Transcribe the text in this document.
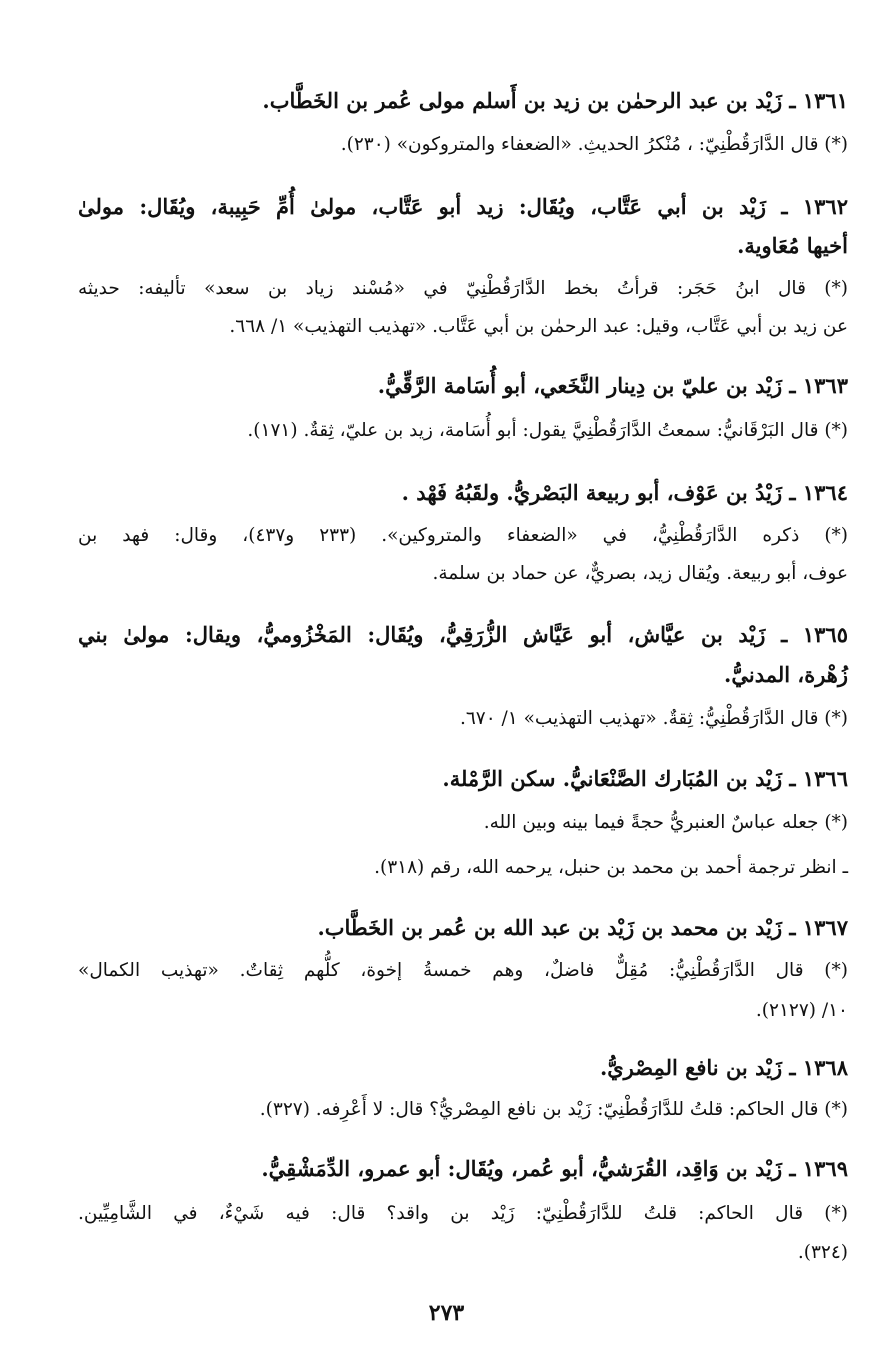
١٣٦١ ـ زَيْد بن عبد الرحمٰن بن زيد بن أَسلم مولى عُمر بن الخَطَّاب.
(*) قال الدَّارَقُطْنِيّ: ، مُنْكرُ الحديثِ. «الضعفاء والمتروكون» (٢٣٠).
١٣٦٢ ـ زَيْد بن أبي عَتَّاب، ويُقَال: زيد أبو عَتَّاب، مولىٰ أُمِّ حَبِيبة، ويُقَال: مولىٰ
أخيها مُعَاوية.
(*) قال ابنُ حَجَر: قرأتُ بخط الدَّارَقُطْنِيّ في «مُسْند زياد بن سعد» تأليفه: حديثه
عن زيد بن أبي عَتَّاب، وقيل: عبد الرحمٰن بن أبي عَتَّاب. «تهذيب التهذيب» ١/ ٦٦٨.
١٣٦٣ ـ زَيْد بن عليّ بن دِينار النَّخَعي، أبو أُسَامة الرَّقِّيُّ.
(*) قال البَرْقَانيُّ: سمعتُ الدَّارَقُطْنِيَّ يقول: أبو أُسَامة، زيد بن عليّ، ثِقةٌ. (١٧١).
١٣٦٤ ـ زَيْدُ بن عَوْف، أبو ربيعة البَصْريُّ. ولقَبُهُ فَهْد .
(*) ذكره الدَّارَقُطْنِيُّ، في «الضعفاء والمتروكين». (٢٣٣ و٤٣٧)، وقال: فهد بن
عوف، أبو ربيعة. ويُقال زيد، بصريٌّ، عن حماد بن سلمة.
١٣٦٥ ـ زَيْد بن عيَّاش، أبو عَيَّاش الزُّرَقِيُّ، ويُقَال: المَخْزُوميُّ، ويقال: مولىٰ بني
زُهْرة، المدنيُّ.
(*) قال الدَّارَقُطْنِيُّ: ثِقةٌ. «تهذيب التهذيب» ١/ ٦٧٠.
١٣٦٦ ـ زَيْد بن المُبَارك الصَّنْعَانيُّ. سكن الرَّمْلة.
(*) جعله عباسٌ العنبريُّ حجةً فيما بينه وبين الله.
ـ انظر ترجمة أحمد بن محمد بن حنبل، يرحمه الله، رقم (٣١٨).
١٣٦٧ ـ زَيْد بن محمد بن زَيْد بن عبد الله بن عُمر بن الخَطَّاب.
(*) قال الدَّارَقُطْنِيُّ: مُقِلٌّ فاضلٌ، وهم خمسةُ إخوة، كلُّهم ثِقاتٌ. «تهذيب الكمال»
١٠/ (٢١٢٧).
١٣٦٨ ـ زَيْد بن نافع المِصْريُّ.
(*) قال الحاكم: قلتُ للدَّارَقُطْنِيّ: زَيْد بن نافع المِصْريُّ؟ قال: لا أَعْرِفه. (٣٢٧).
١٣٦٩ ـ زَيْد بن وَاقِد، القُرَشيُّ، أبو عُمر، ويُقَال: أبو عمرو، الدِّمَشْقِيُّ.
(*) قال الحاكم: قلتُ للدَّارَقُطْنِيّ: زَيْد بن واقد؟ قال: فيه شَيْءٌ، في الشَّامِيِّين.
(٣٢٤).
٢٧٣
